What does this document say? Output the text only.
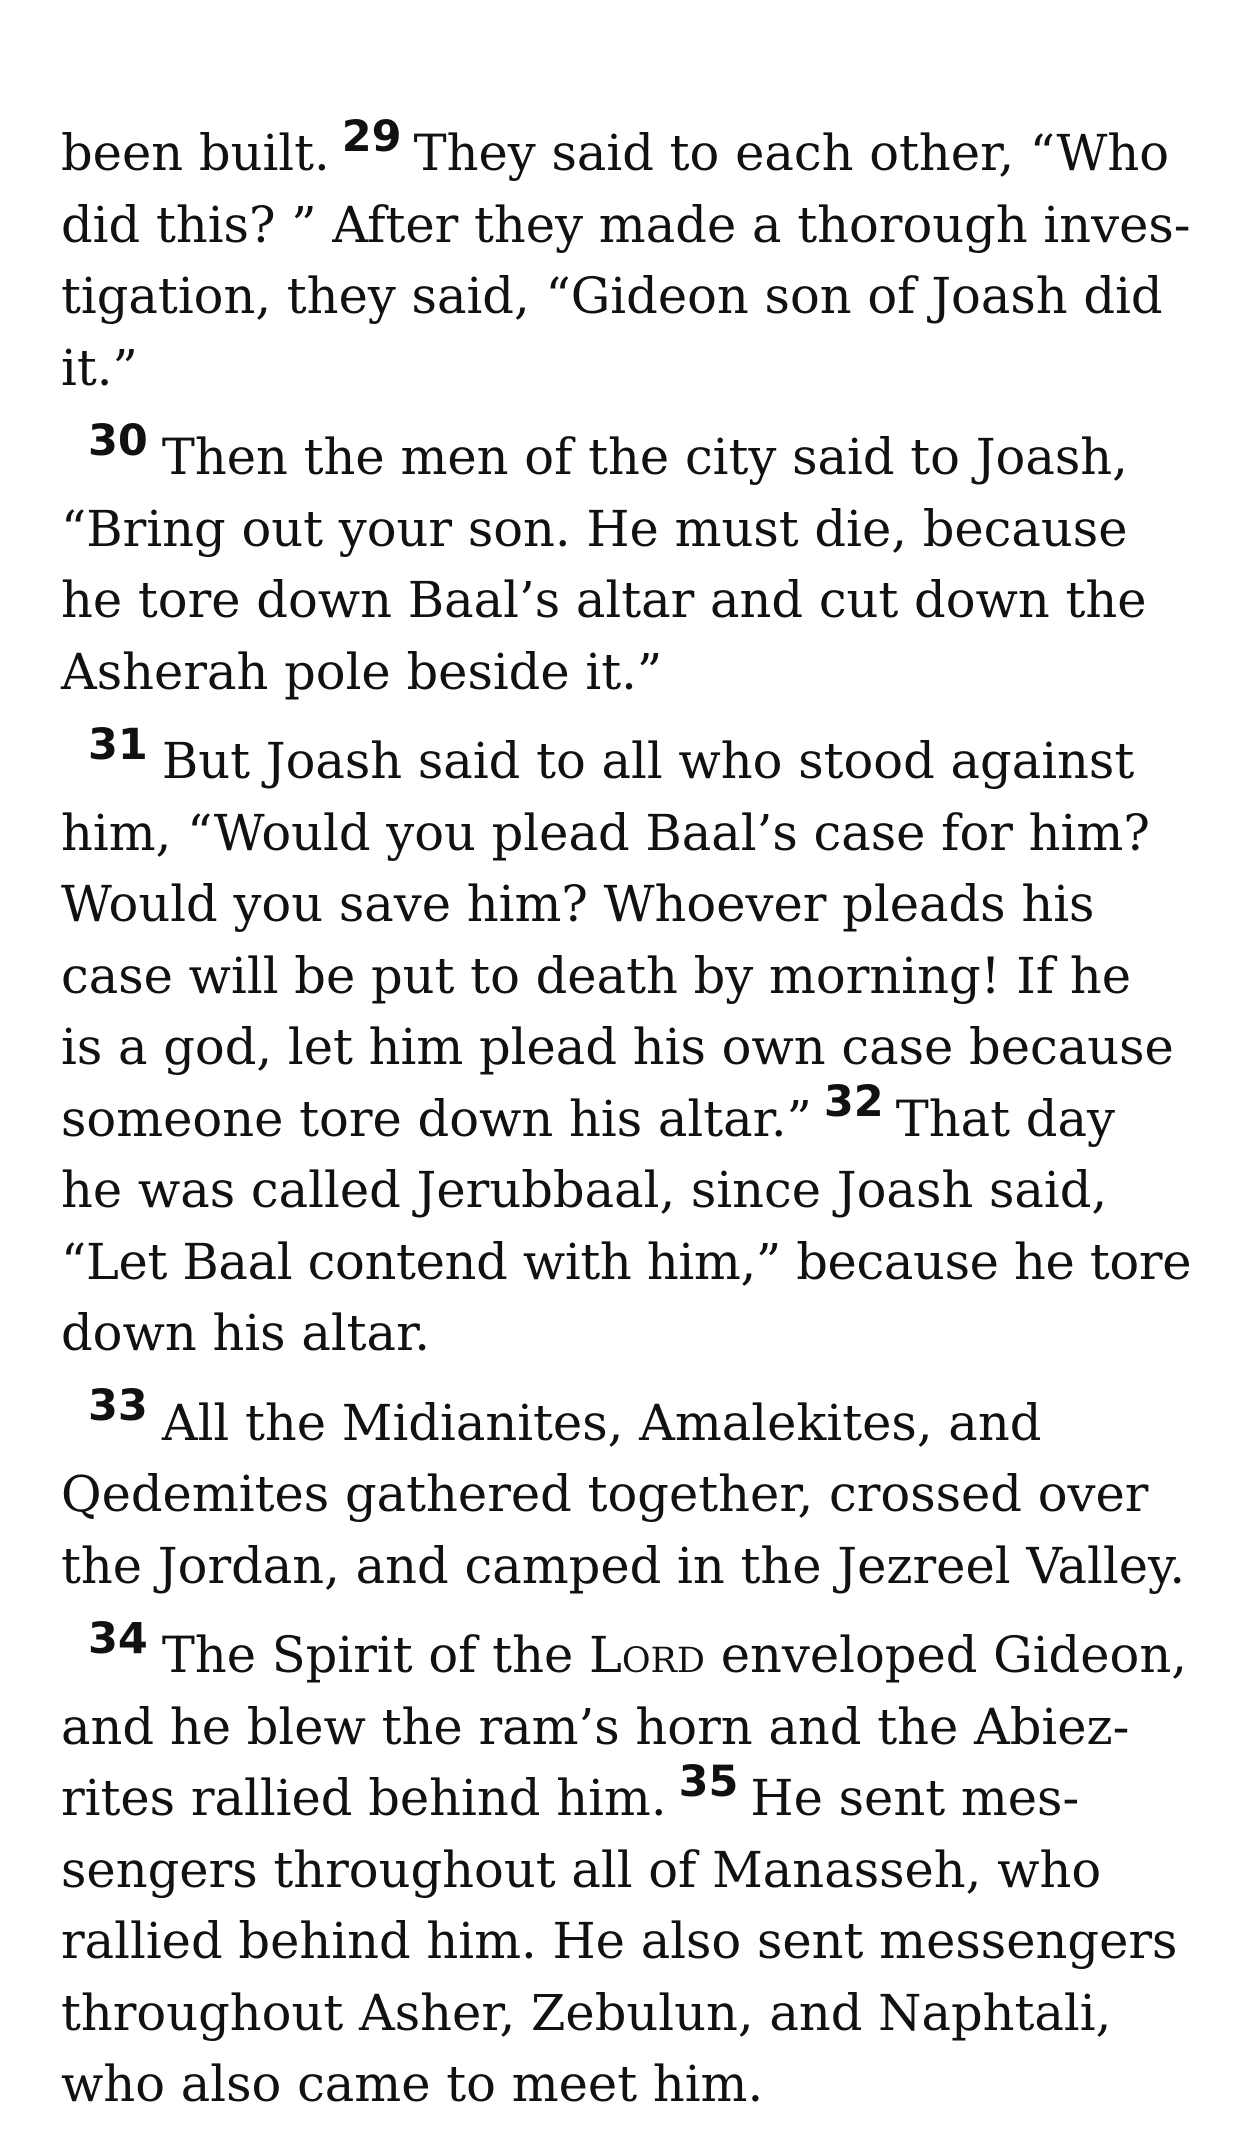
been built. 29 They said to each other, “Who
did this? ” After they made a thorough inves-
tigation, they said, “Gideon son of Joash did
it.”
30 Then the men of the city said to Joash,
“Bring out your son. He must die, because
he tore down Baal’s altar and cut down the
Asherah pole beside it.”
31 But Joash said to all who stood against
him, “Would you plead Baal’s case for him?
Would you save him? Whoever pleads his
case will be put to death by morning! If he
is a god, let him plead his own case because
someone tore down his altar.” 32 That day
he was called Jerubbaal, since Joash said,
“Let Baal contend with him,” because he tore
down his altar.
33 All the Midianites, Amalekites, and
Qedemites gathered together, crossed over
the Jordan, and camped in the Jezreel Valley.
34 The Spirit of the Lord enveloped Gideon,
and he blew the ram’s horn and the Abiez-
rites rallied behind him. 35 He sent mes-
sengers throughout all of Manasseh, who
rallied behind him. He also sent messengers
throughout Asher, Zebulun, and Naphtali,
who also came to meet him.
